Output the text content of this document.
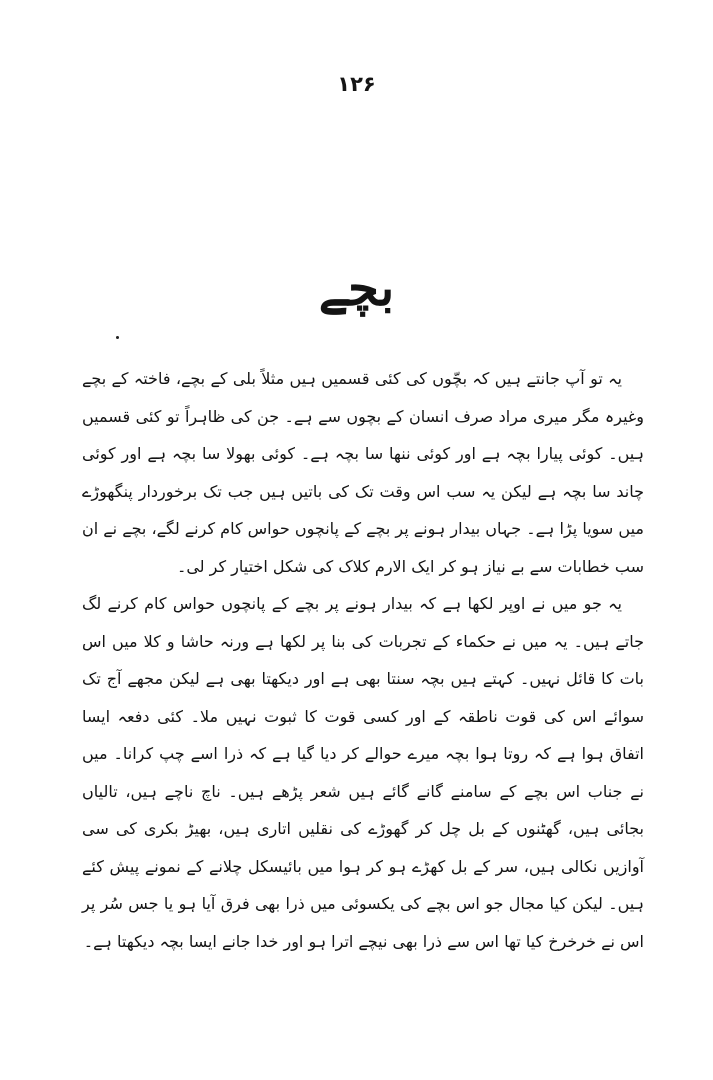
۱۲۶
بچے

یہ تو آپ جانتے ہیں کہ بچّوں کی کئی قسمیں ہیں مثلاً بلی کے بچے، فاختہ کے بچے وغیرہ مگر میری مراد صرف انسان کے بچوں سے ہے۔ جن کی ظاہراً تو کئی قسمیں ہیں۔ کوئی پیارا بچہ ہے اور کوئی ننھا سا بچہ ہے۔ کوئی بھولا سا بچہ ہے اور کوئی چاند سا بچہ ہے لیکن یہ سب اس وقت تک کی باتیں ہیں جب تک برخوردار پنگھوڑے میں سویا پڑا ہے۔ جہاں بیدار ہونے پر بچے کے پانچوں حواس کام کرنے لگے، بچے نے ان سب خطابات سے بے نیاز ہو کر ایک الارم کلاک کی شکل اختیار کر لی۔

یہ جو میں نے اوپر لکھا ہے کہ بیدار ہونے پر بچے کے پانچوں حواس کام کرنے لگ جاتے ہیں۔ یہ میں نے حکماء کے تجربات کی بنا پر لکھا ہے ورنہ حاشا و کلا میں اس بات کا قائل نہیں۔ کہتے ہیں بچہ سنتا بھی ہے اور دیکھتا بھی ہے لیکن مجھے آج تک سوائے اس کی قوت ناطقہ کے اور کسی قوت کا ثبوت نہیں ملا۔ کئی دفعہ ایسا اتفاق ہوا ہے کہ روتا ہوا بچہ میرے حوالے کر دیا گیا ہے کہ ذرا اسے چپ کرانا۔ میں نے جناب اس بچے کے سامنے گانے گائے ہیں شعر پڑھے ہیں۔ ناچ ناچے ہیں، تالیاں بجائی ہیں، گھٹنوں کے بل چل کر گھوڑے کی نقلیں اتاری ہیں، بھیڑ بکری کی سی آوازیں نکالی ہیں، سر کے بل کھڑے ہو کر ہوا میں بائیسکل چلانے کے نمونے پیش کئے ہیں۔ لیکن کیا مجال جو اس بچے کی یکسوئی میں ذرا بھی فرق آیا ہو یا جس سُر پر اس نے خرخرخ کیا تھا اس سے ذرا بھی نیچے اترا ہو اور خدا جانے ایسا بچہ دیکھتا ہے۔
